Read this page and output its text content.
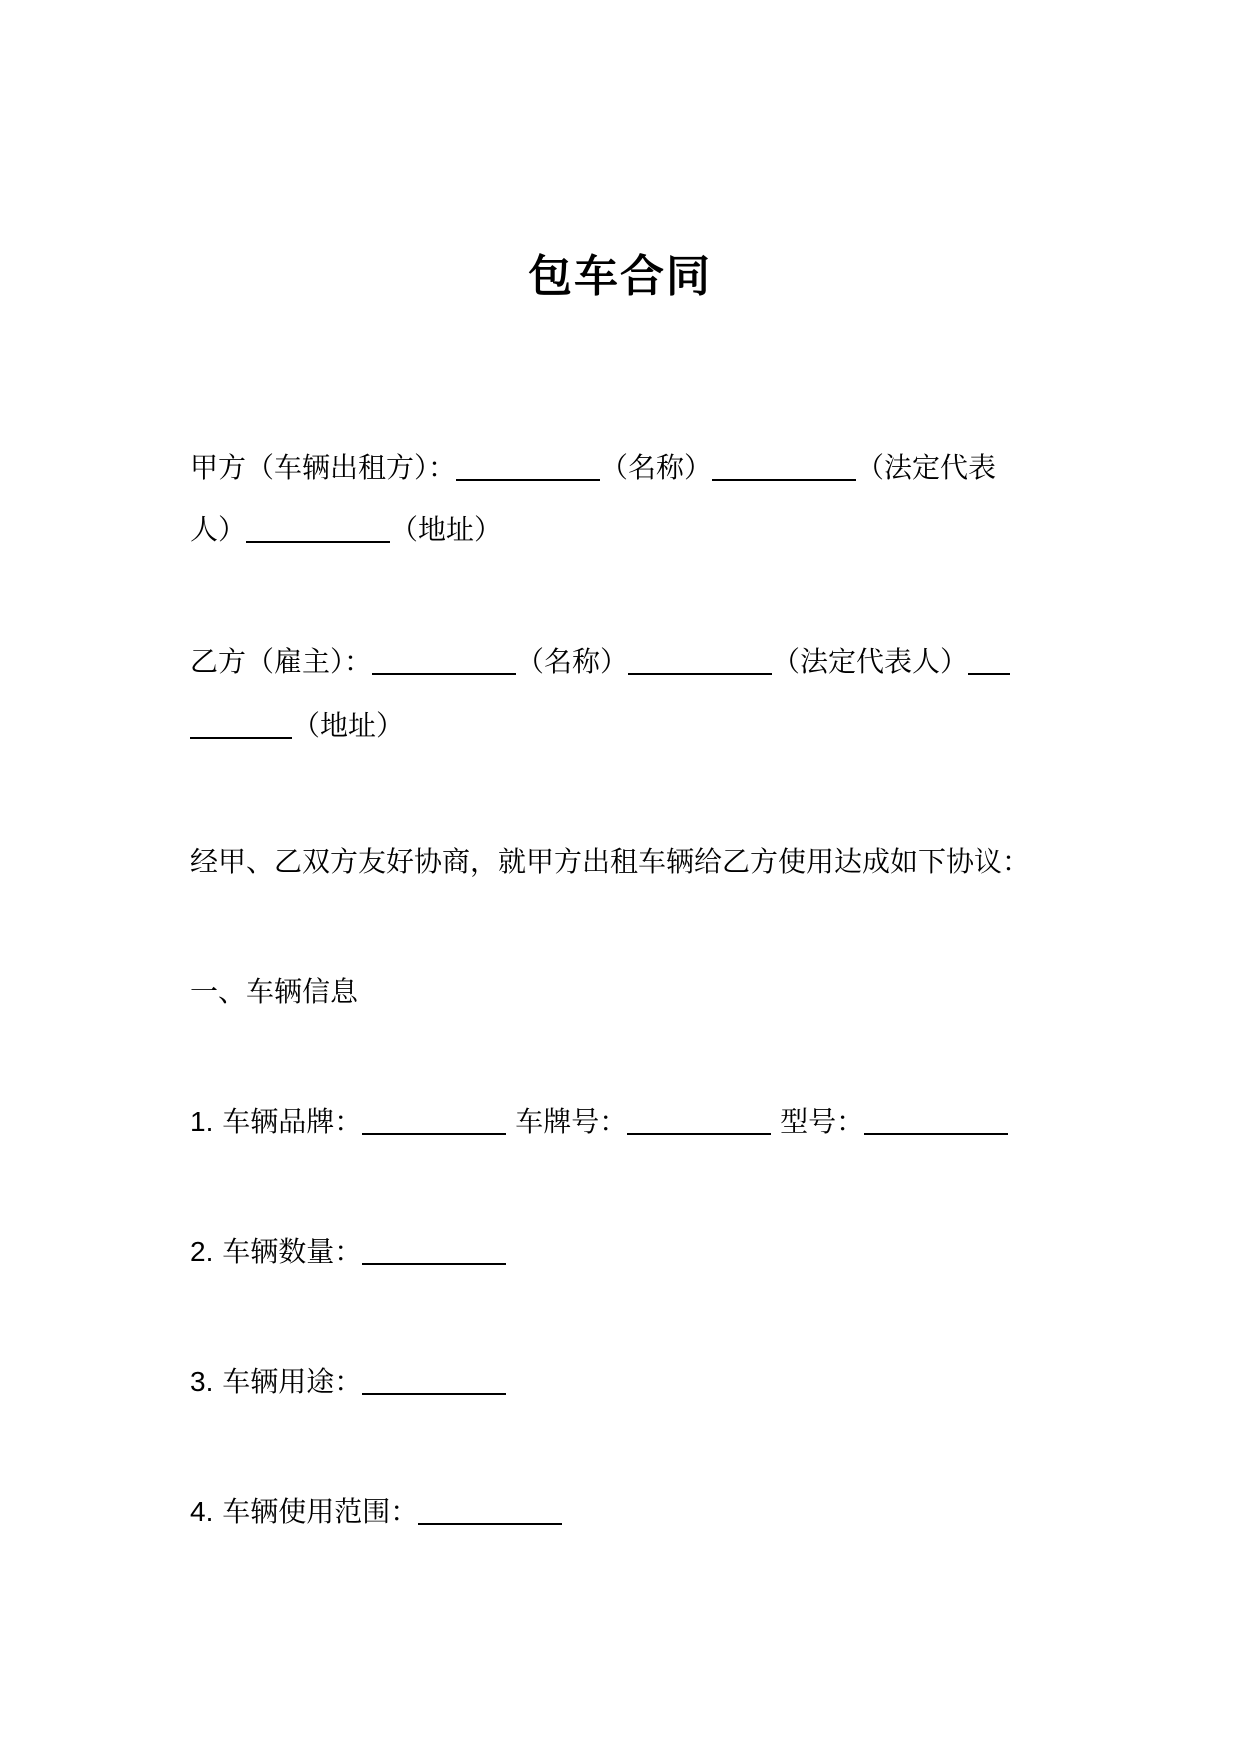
包车合同
甲方（车辆出租方）：	（名称）	（法定代表
人）	（地址）
乙方（雇主）：	（名称）	（法定代表人）
（地址）
经甲、乙双方友好协商，就甲方出租车辆给乙方使用达成如下协议：
一、车辆信息
1. 车辆品牌：	车牌号：	型号：
2. 车辆数量：
3. 车辆用途：
4. 车辆使用范围：
